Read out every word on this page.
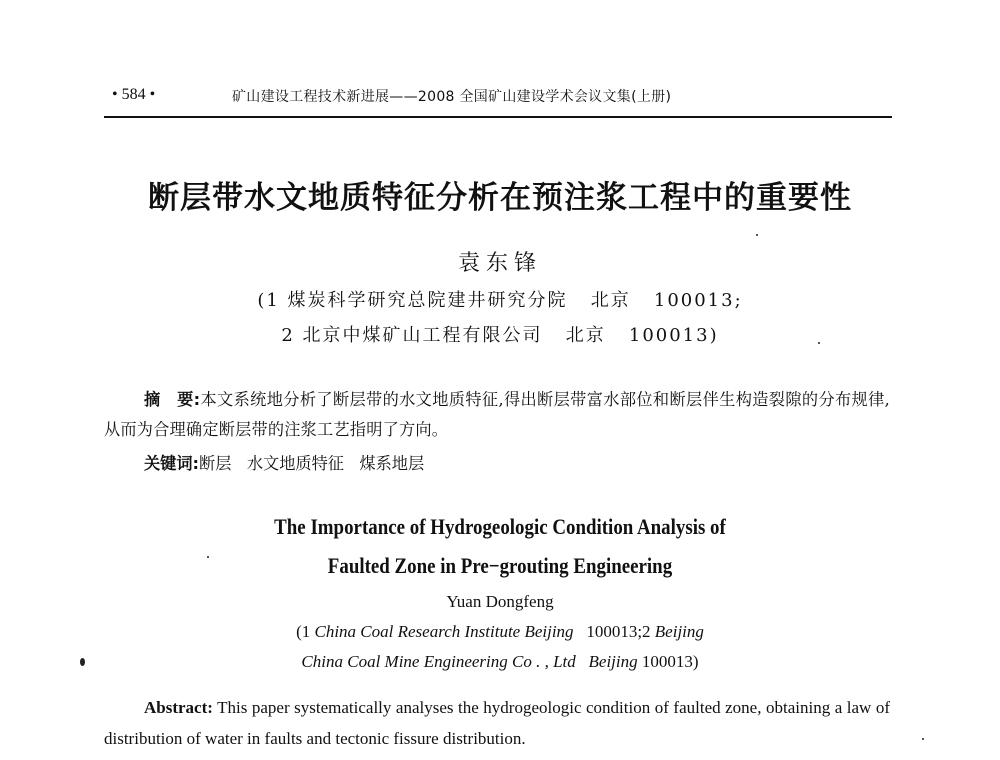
• 584 •	矿山建设工程技术新进展——2008 全国矿山建设学术会议文集(上册)
断层带水文地质特征分析在预注浆工程中的重要性
袁东锋
(1 煤炭科学研究总院建井研究分院   北京   100013;
2 北京中煤矿山工程有限公司   北京   100013)
摘　要:本文系统地分析了断层带的水文地质特征,得出断层带富水部位和断层伴生构造裂隙的分布规律,从而为合理确定断层带的注浆工艺指明了方向。
关键词:断层   水文地质特征   煤系地层
The Importance of Hydrogeologic Condition Analysis of
Faulted Zone in Pre−grouting Engineering
Yuan Dongfeng
(1 China Coal Research Institute Beijing   100013;2 Beijing
China Coal Mine Engineering Co . , Ltd Beijing 100013)
Abstract: This paper systematically analyses the hydrogeologic condition of faulted zone, obtaining a law of distribution of water in faults and tectonic fissure distribution.
